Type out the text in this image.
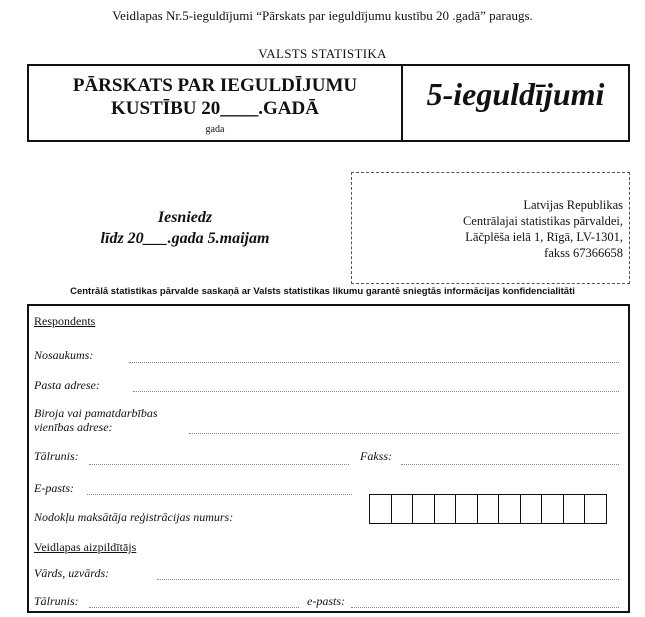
Veidlapas Nr.5-ieguldījumi “Pārskats par ieguldījumu kustību 20 .gadā” paraugs.
VALSTS STATISTIKA
PĀRSKATS PAR IEGULDĪJUMU
KUSTĪBU 20____.GADĀ
gada
5-ieguldījumi
Iesniedz
līdz 20___.gada 5.maijam
Latvijas Republikas
Centrālajai statistikas pārvaldei,
Lāčplēša ielā 1, Rīgā, LV-1301,
fakss 67366658
Centrālā statistikas pārvalde saskaņā ar Valsts statistikas likumu garantē sniegtās informācijas konfidencialitāti
Respondents
Nosaukums:
Pasta adrese:
Biroja vai pamatdarbības
vienības adrese:
Tālrunis:	Fakss:
E-pasts:
Nodokļu maksātāja reģistrācijas numurs:
Veidlapas aizpildītājs
Vārds, uzvārds:
Tālrunis:	e-pasts:
